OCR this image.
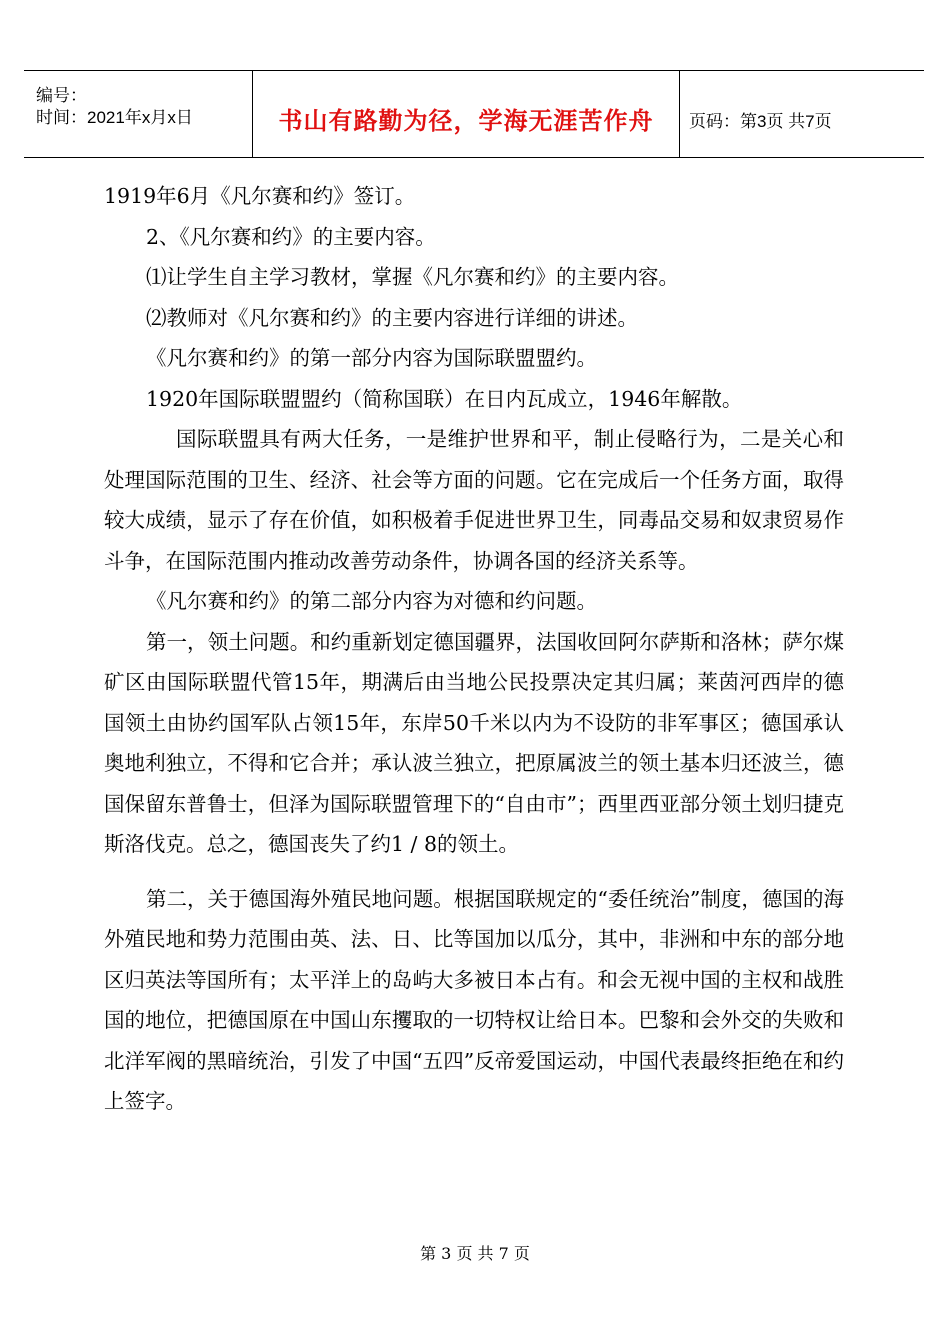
编号：
时间：2021年x月x日	书山有路勤为径，学海无涯苦作舟	页码：第3页 共7页

1919年6月《凡尔赛和约》签订。

2、《凡尔赛和约》的主要内容。

⑴让学生自主学习教材，掌握《凡尔赛和约》的主要内容。

⑵教师对《凡尔赛和约》的主要内容进行详细的讲述。

《凡尔赛和约》的第一部分内容为国际联盟盟约。

1920年国际联盟盟约（简称国联）在日内瓦成立，1946年解散。

国际联盟具有两大任务，一是维护世界和平，制止侵略行为，二是关心和处理国际范围的卫生、经济、社会等方面的问题。它在完成后一个任务方面，取得较大成绩，显示了存在价值，如积极着手促进世界卫生，同毒品交易和奴隶贸易作斗争，在国际范围内推动改善劳动条件，协调各国的经济关系等。

《凡尔赛和约》的第二部分内容为对德和约问题。

第一，领土问题。和约重新划定德国疆界，法国收回阿尔萨斯和洛林；萨尔煤矿区由国际联盟代管15年，期满后由当地公民投票决定其归属；莱茵河西岸的德国领土由协约国军队占领15年，东岸50千米以内为不设防的非军事区；德国承认奥地利独立，不得和它合并；承认波兰独立，把原属波兰的领土基本归还波兰，德国保留东普鲁士，但泽为国际联盟管理下的“自由市”；西里西亚部分领土划归捷克斯洛伐克。总之，德国丧失了约1 / 8的领土。

第二，关于德国海外殖民地问题。根据国联规定的“委任统治”制度，德国的海外殖民地和势力范围由英、法、日、比等国加以瓜分，其中，非洲和中东的部分地区归英法等国所有；太平洋上的岛屿大多被日本占有。和会无视中国的主权和战胜国的地位，把德国原在中国山东攫取的一切特权让给日本。巴黎和会外交的失败和北洋军阀的黑暗统治，引发了中国“五四”反帝爱国运动，中国代表最终拒绝在和约上签字。

第 3 页 共 7 页
